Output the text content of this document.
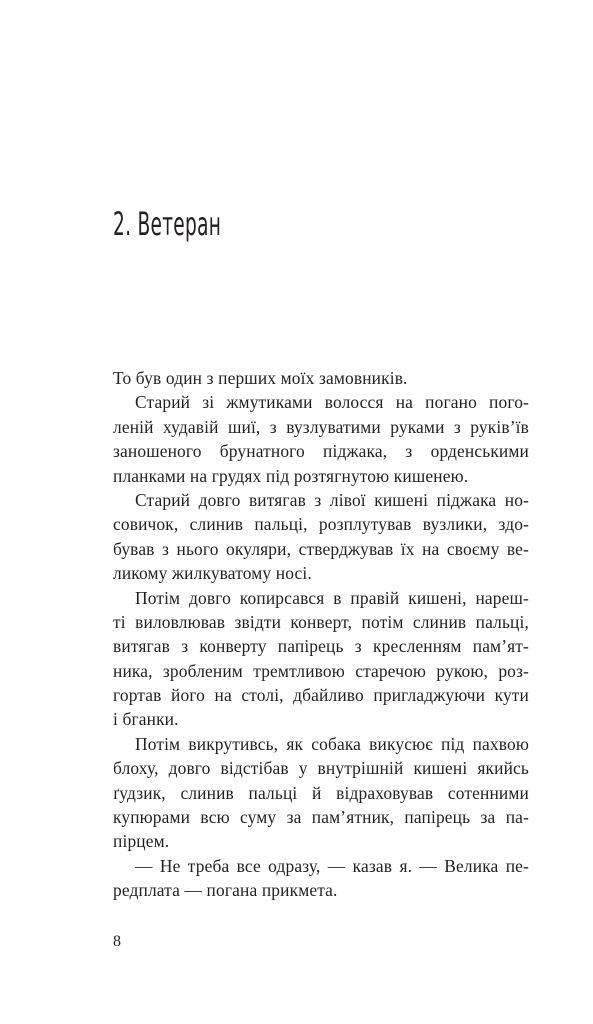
2. Ветеран
То був один з перших моїх замовників.
Старий зі жмутиками волосся на погано пого-
леній худавій шиї, з вузлуватими руками з руків’їв
заношеного брунатного піджака, з орденськими
планками на грудях під розтягнутою кишенею.
Старий довго витягав з лівої кишені піджака но-
совичок, слинив пальці, розплутував вузлики, здо-
бував з нього окуляри, стверджував їх на своєму ве-
ликому жилкуватому носі.
Потім довго копирсався в правій кишені, нареш-
ті виловлював звідти конверт, потім слинив пальці,
витягав з конверту папірець з кресленням пам’ят-
ника, зробленим тремтливою старечою рукою, роз-
гортав його на столі, дбайливо пригладжуючи кути
і бганки.
Потім викрутивсь, як собака викусює під пахвою
блоху, довго відстібав у внутрішній кишені якийсь
ґудзик, слинив пальці й відраховував сотенними
купюрами всю суму за пам’ятник, папірець за па-
пірцем.
— Не треба все одразу, — казав я. — Велика пе-
редплата — погана прикмета.
8
